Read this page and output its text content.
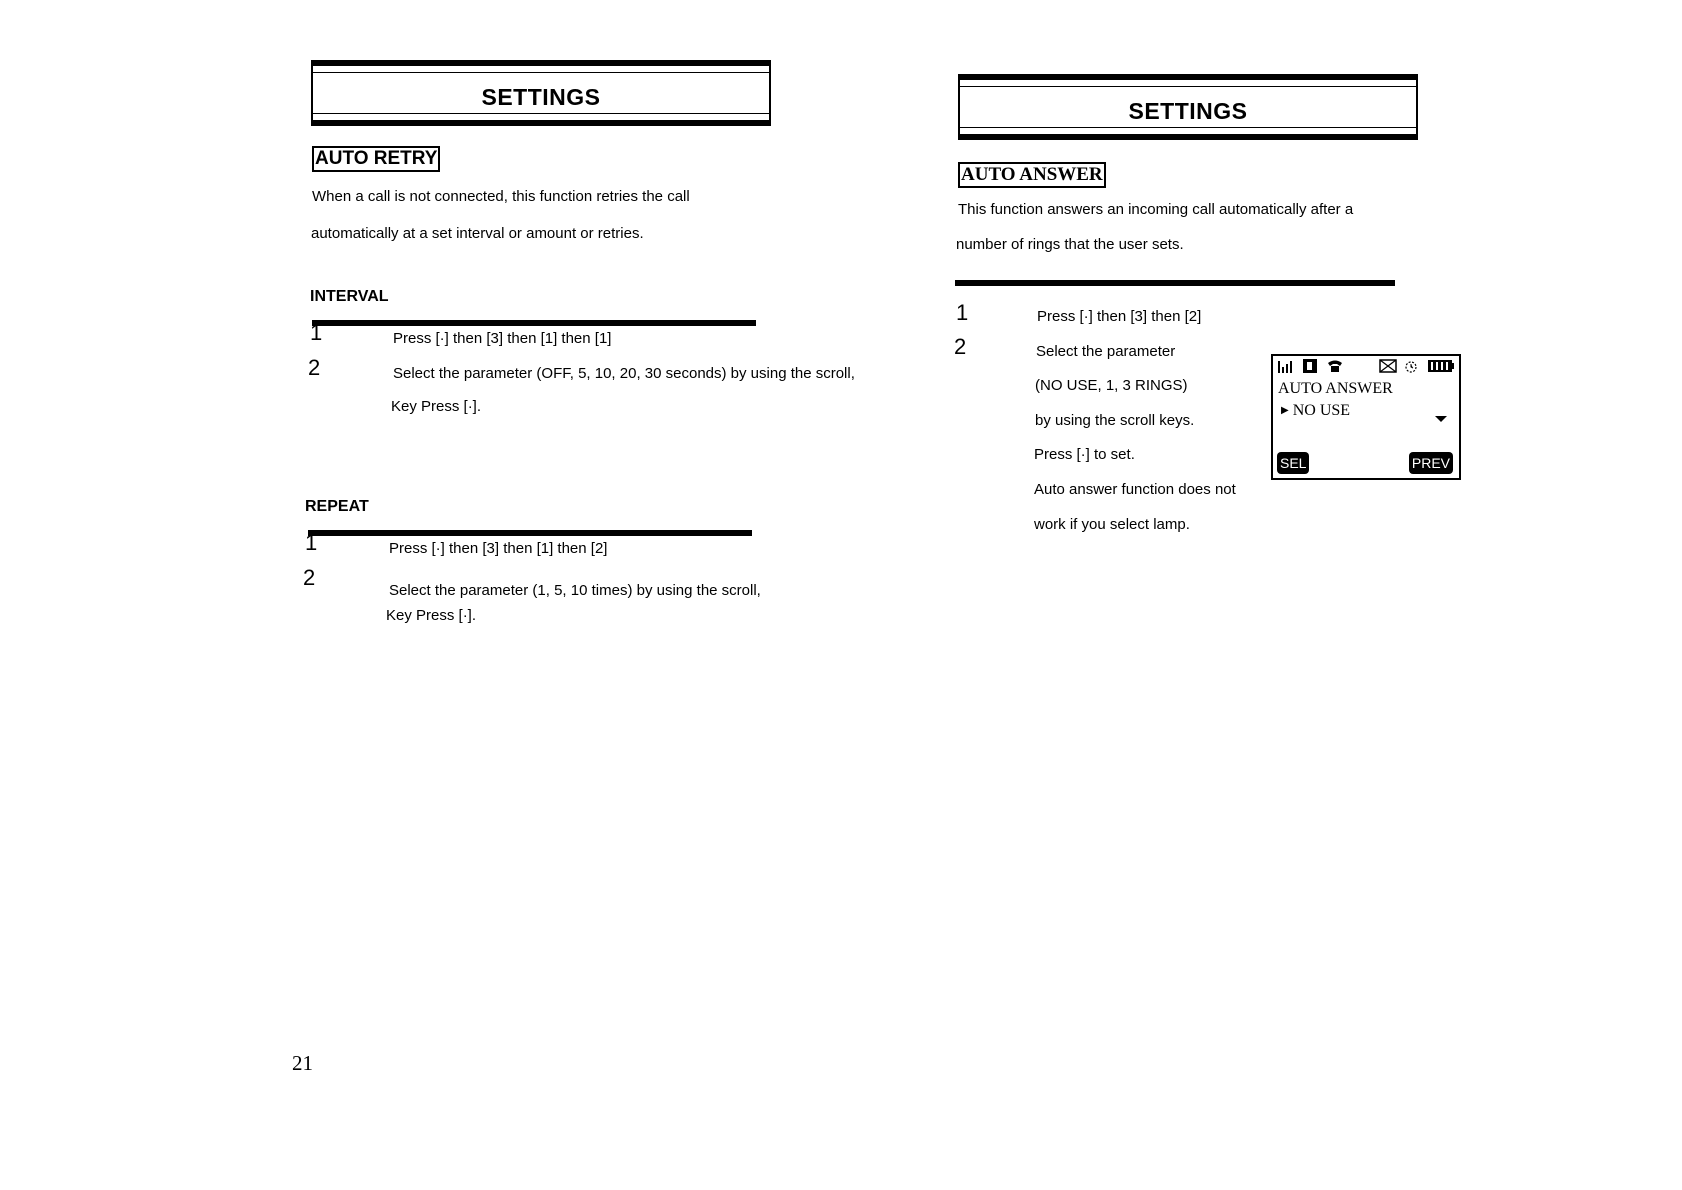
SETTINGS
AUTO RETRY
When a call is not connected, this function retries the call
automatically at a set interval or amount or retries.
INTERVAL
1	Press [·] then [3] then [1] then [1]
2	Select the parameter (OFF, 5, 10, 20, 30 seconds) by using the scroll,
Key Press [·].
REPEAT
1	Press [·] then [3] then [1] then [2]
2
Select the parameter (1, 5, 10 times) by using the scroll,
Key Press [·].
21
SETTINGS
AUTO ANSWER
This function answers an incoming call automatically after a
number of rings that the user sets.
1	Press [·] then [3] then [2]
2	Select the parameter
(NO USE, 1, 3 RINGS)
by using the scroll keys.
Press [·] to set.
Auto answer function does not
work if you select lamp.
AUTO ANSWER
▶ NO USE
SEL	PREV
